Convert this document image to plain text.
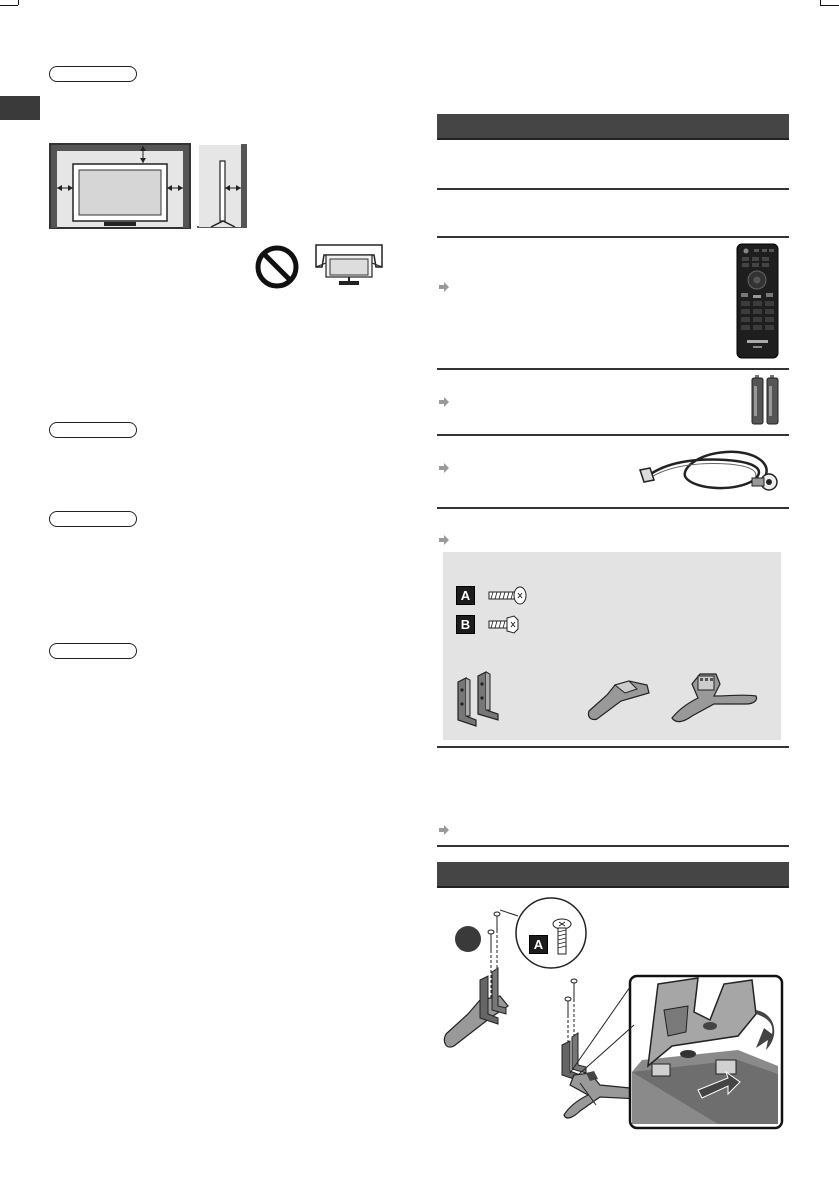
A
B
A
